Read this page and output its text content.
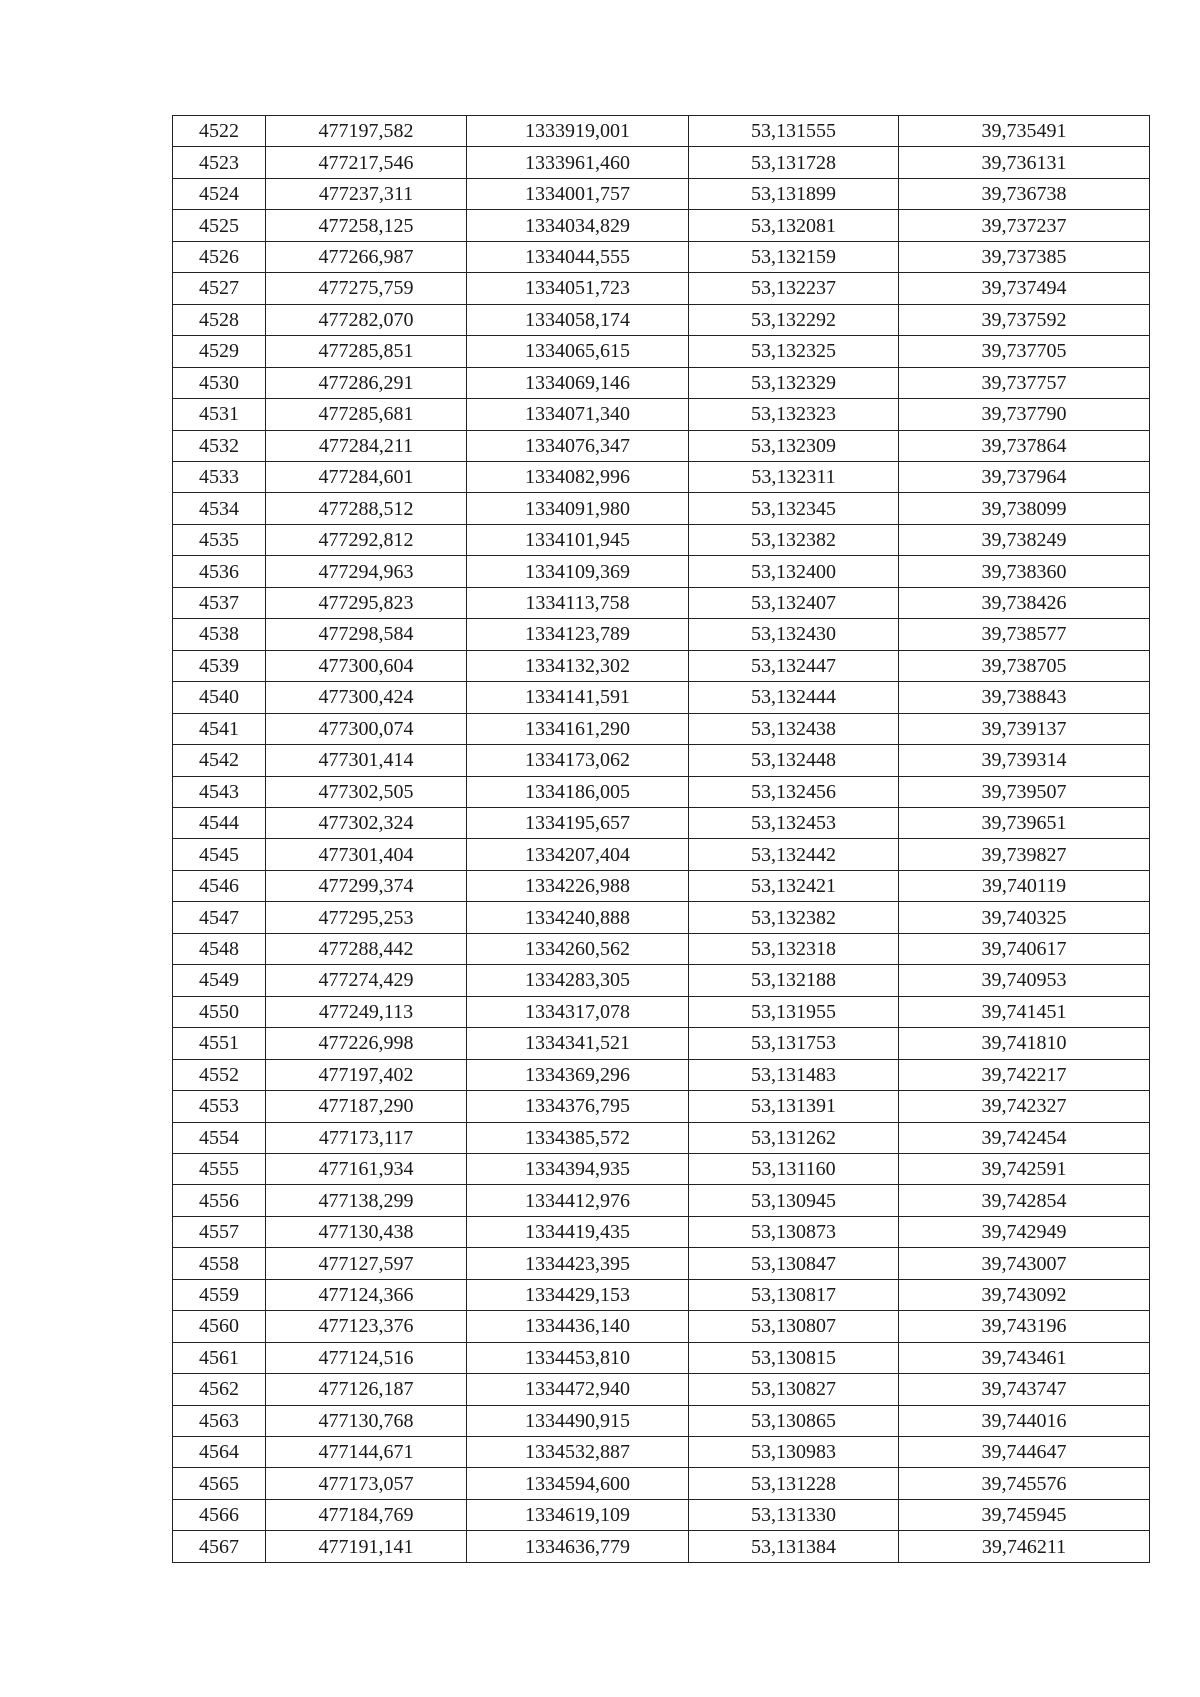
4522	477197,582	1333919,001	53,131555	39,735491
4523	477217,546	1333961,460	53,131728	39,736131
4524	477237,311	1334001,757	53,131899	39,736738
4525	477258,125	1334034,829	53,132081	39,737237
4526	477266,987	1334044,555	53,132159	39,737385
4527	477275,759	1334051,723	53,132237	39,737494
4528	477282,070	1334058,174	53,132292	39,737592
4529	477285,851	1334065,615	53,132325	39,737705
4530	477286,291	1334069,146	53,132329	39,737757
4531	477285,681	1334071,340	53,132323	39,737790
4532	477284,211	1334076,347	53,132309	39,737864
4533	477284,601	1334082,996	53,132311	39,737964
4534	477288,512	1334091,980	53,132345	39,738099
4535	477292,812	1334101,945	53,132382	39,738249
4536	477294,963	1334109,369	53,132400	39,738360
4537	477295,823	1334113,758	53,132407	39,738426
4538	477298,584	1334123,789	53,132430	39,738577
4539	477300,604	1334132,302	53,132447	39,738705
4540	477300,424	1334141,591	53,132444	39,738843
4541	477300,074	1334161,290	53,132438	39,739137
4542	477301,414	1334173,062	53,132448	39,739314
4543	477302,505	1334186,005	53,132456	39,739507
4544	477302,324	1334195,657	53,132453	39,739651
4545	477301,404	1334207,404	53,132442	39,739827
4546	477299,374	1334226,988	53,132421	39,740119
4547	477295,253	1334240,888	53,132382	39,740325
4548	477288,442	1334260,562	53,132318	39,740617
4549	477274,429	1334283,305	53,132188	39,740953
4550	477249,113	1334317,078	53,131955	39,741451
4551	477226,998	1334341,521	53,131753	39,741810
4552	477197,402	1334369,296	53,131483	39,742217
4553	477187,290	1334376,795	53,131391	39,742327
4554	477173,117	1334385,572	53,131262	39,742454
4555	477161,934	1334394,935	53,131160	39,742591
4556	477138,299	1334412,976	53,130945	39,742854
4557	477130,438	1334419,435	53,130873	39,742949
4558	477127,597	1334423,395	53,130847	39,743007
4559	477124,366	1334429,153	53,130817	39,743092
4560	477123,376	1334436,140	53,130807	39,743196
4561	477124,516	1334453,810	53,130815	39,743461
4562	477126,187	1334472,940	53,130827	39,743747
4563	477130,768	1334490,915	53,130865	39,744016
4564	477144,671	1334532,887	53,130983	39,744647
4565	477173,057	1334594,600	53,131228	39,745576
4566	477184,769	1334619,109	53,131330	39,745945
4567	477191,141	1334636,779	53,131384	39,746211
